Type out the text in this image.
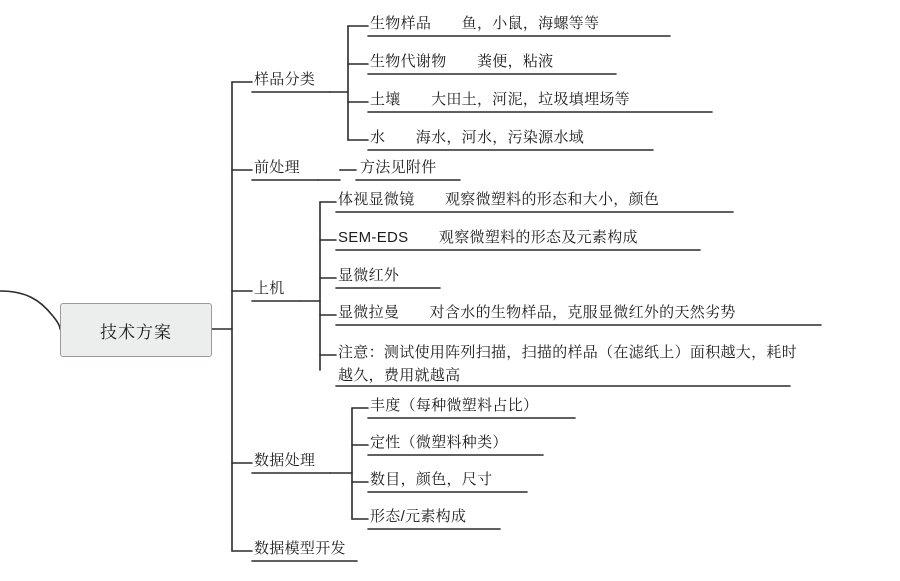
技术方案
样品分类
生物样品 鱼，小鼠，海螺等等
生物代谢物 粪便，粘液
土壤 大田土，河泥，垃圾填埋场等
水 海水，河水，污染源水域
前处理	方法见附件
上机
体视显微镜 观察微塑料的形态和大小，颜色
SEM-EDS 观察微塑料的形态及元素构成
显微红外
显微拉曼 对含水的生物样品，克服显微红外的天然劣势
注意：测试使用阵列扫描，扫描的样品（在滤纸上）面积越大，耗时越久，费用就越高
数据处理
丰度（每种微塑料占比）
定性（微塑料种类）
数目，颜色，尺寸
形态/元素构成
数据模型开发
